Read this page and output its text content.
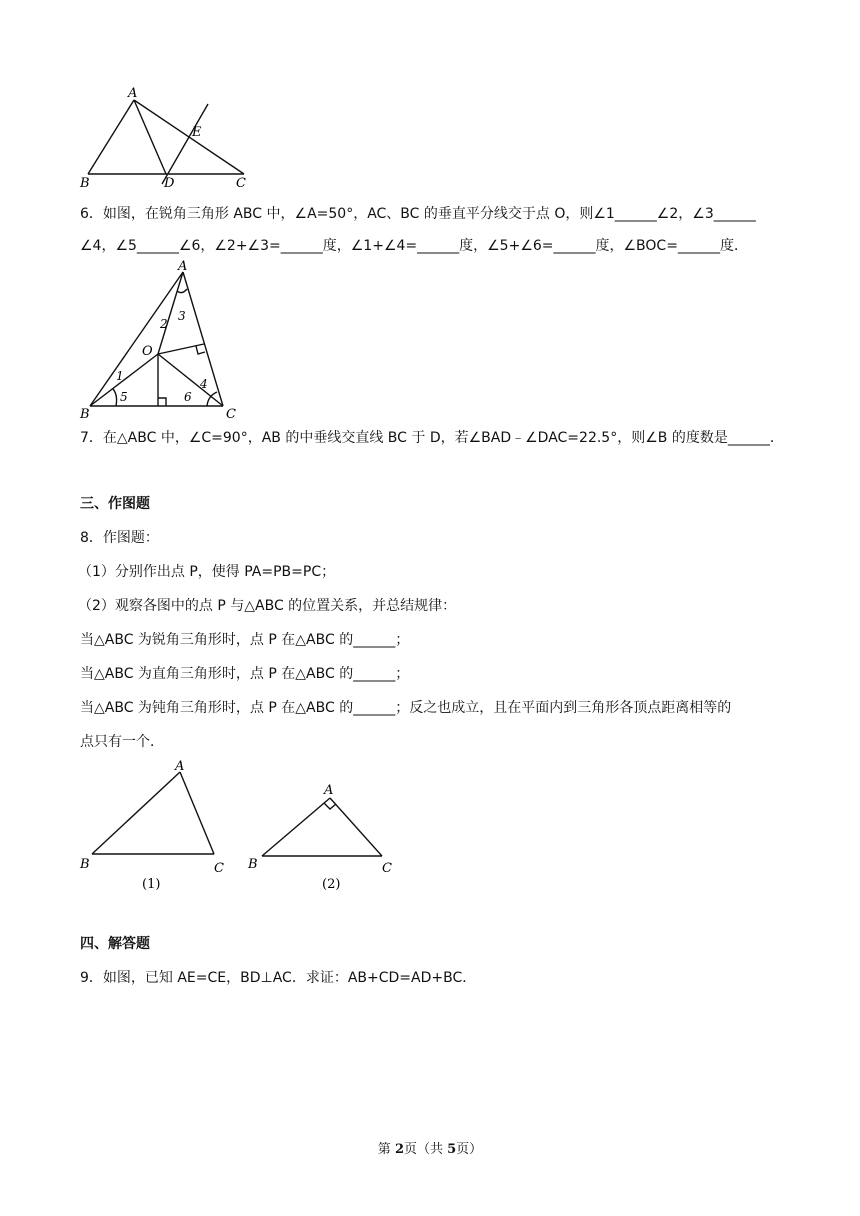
A
B	D	C
E
6．如图，在锐角三角形 ABC 中，∠A=50°，AC、BC 的垂直平分线交于点 O，则∠1______∠2，∠3______
∠4，∠5______∠6，∠2+∠3=______度，∠1+∠4=______度，∠5+∠6=______度，∠BOC=______度．
A
O
B	C
2
3
1
5	6
4
7．在△ABC 中，∠C=90°，AB 的中垂线交直线 BC 于 D，若∠BAD﹣∠DAC=22.5°，则∠B 的度数是______．
三、作图题
8．作图题：
（1）分别作出点 P，使得 PA=PB=PC；
（2）观察各图中的点 P 与△ABC 的位置关系，并总结规律：
当△ABC 为锐角三角形时，点 P 在△ABC 的______；
当△ABC 为直角三角形时，点 P 在△ABC 的______；
当△ABC 为钝角三角形时，点 P 在△ABC 的______；反之也成立，且在平面内到三角形各顶点距离相等的
点只有一个．
A
B	C
(1)
A
B	C
(2)
四、解答题
9．如图，已知 AE=CE，BD⊥AC．求证：AB+CD=AD+BC．
第 2页（共 5页）
